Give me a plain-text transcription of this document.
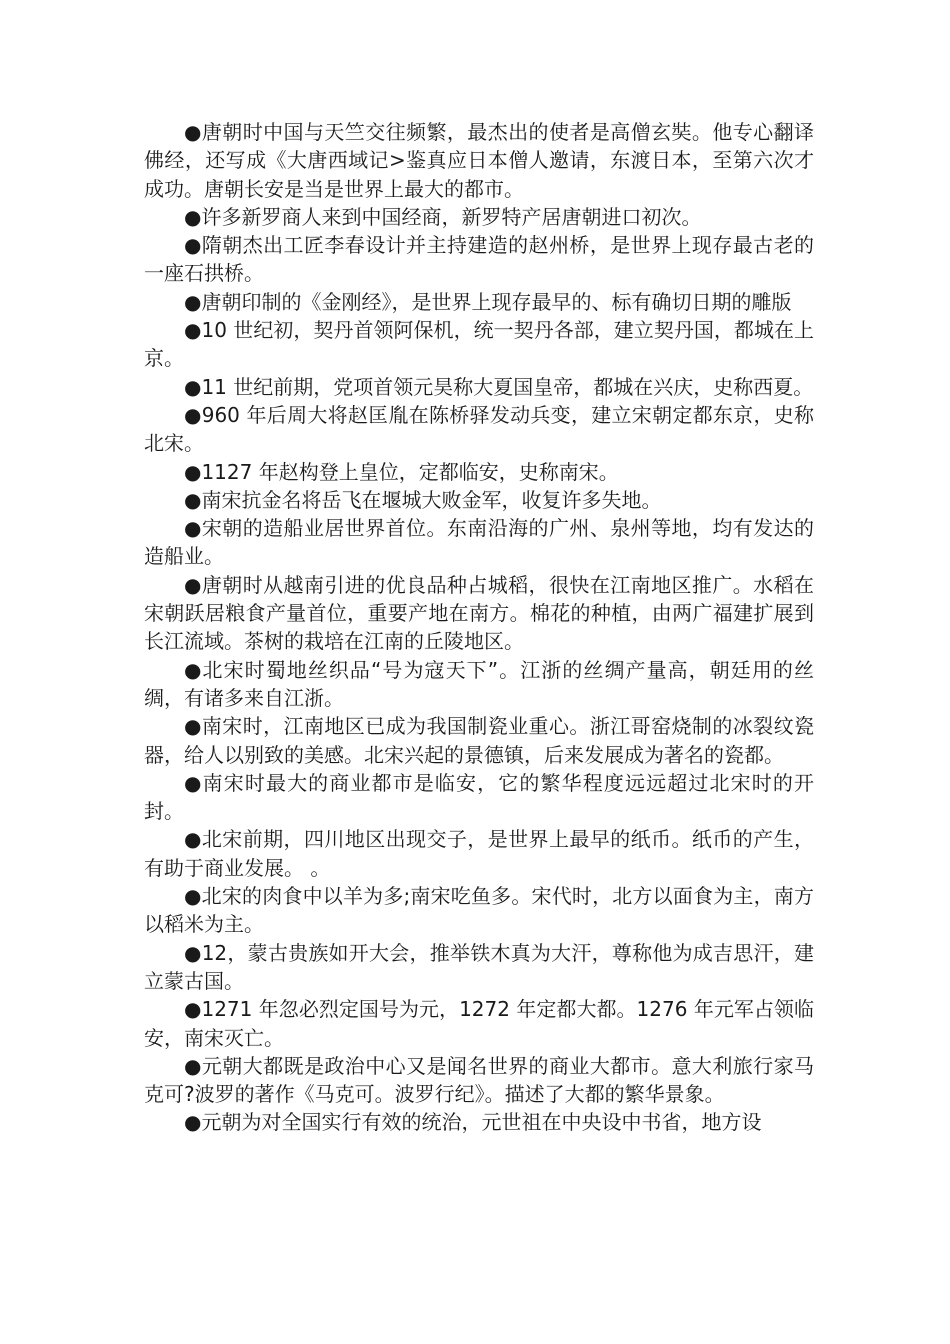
●唐朝时中国与天竺交往频繁，最杰出的使者是高僧玄奘。他专心翻译佛经，还写成《大唐西域记>鉴真应日本僧人邀请，东渡日本，至第六次才成功。唐朝长安是当是世界上最大的都市。

●许多新罗商人来到中国经商，新罗特产居唐朝进口初次。

●隋朝杰出工匠李春设计并主持建造的赵州桥，是世界上现存最古老的一座石拱桥。

●唐朝印制的《金刚经》，是世界上现存最早的、标有确切日期的雕版

●10 世纪初，契丹首领阿保机，统一契丹各部，建立契丹国，都城在上京。

●11 世纪前期，党项首领元昊称大夏国皇帝，都城在兴庆，史称西夏。

●960 年后周大将赵匡胤在陈桥驿发动兵变，建立宋朝定都东京，史称北宋。

●1127 年赵构登上皇位，定都临安，史称南宋。

●南宋抗金名将岳飞在堰城大败金军，收复许多失地。

●宋朝的造船业居世界首位。东南沿海的广州、泉州等地，均有发达的造船业。

●唐朝时从越南引进的优良品种占城稻，很快在江南地区推广。水稻在宋朝跃居粮食产量首位，重要产地在南方。棉花的种植，由两广福建扩展到长江流域。茶树的栽培在江南的丘陵地区。

●北宋时蜀地丝织品“号为寇天下”。江浙的丝绸产量高，朝廷用的丝绸，有诸多来自江浙。

●南宋时，江南地区已成为我国制瓷业重心。浙江哥窑烧制的冰裂纹瓷器，给人以别致的美感。北宋兴起的景德镇，后来发展成为著名的瓷都。

●南宋时最大的商业都市是临安，它的繁华程度远远超过北宋时的开封。

●北宋前期，四川地区出现交子，是世界上最早的纸币。纸币的产生，有助于商业发展。 。

●北宋的肉食中以羊为多;南宋吃鱼多。宋代时，北方以面食为主，南方以稻米为主。

●12，蒙古贵族如开大会，推举铁木真为大汗，尊称他为成吉思汗，建立蒙古国。

●1271 年忽必烈定国号为元，1272 年定都大都。1276 年元军占领临安，南宋灭亡。

●元朝大都既是政治中心又是闻名世界的商业大都市。意大利旅行家马克可?波罗的著作《马克可。波罗行纪》。描述了大都的繁华景象。

●元朝为对全国实行有效的统治，元世祖在中央设中书省，地方设
